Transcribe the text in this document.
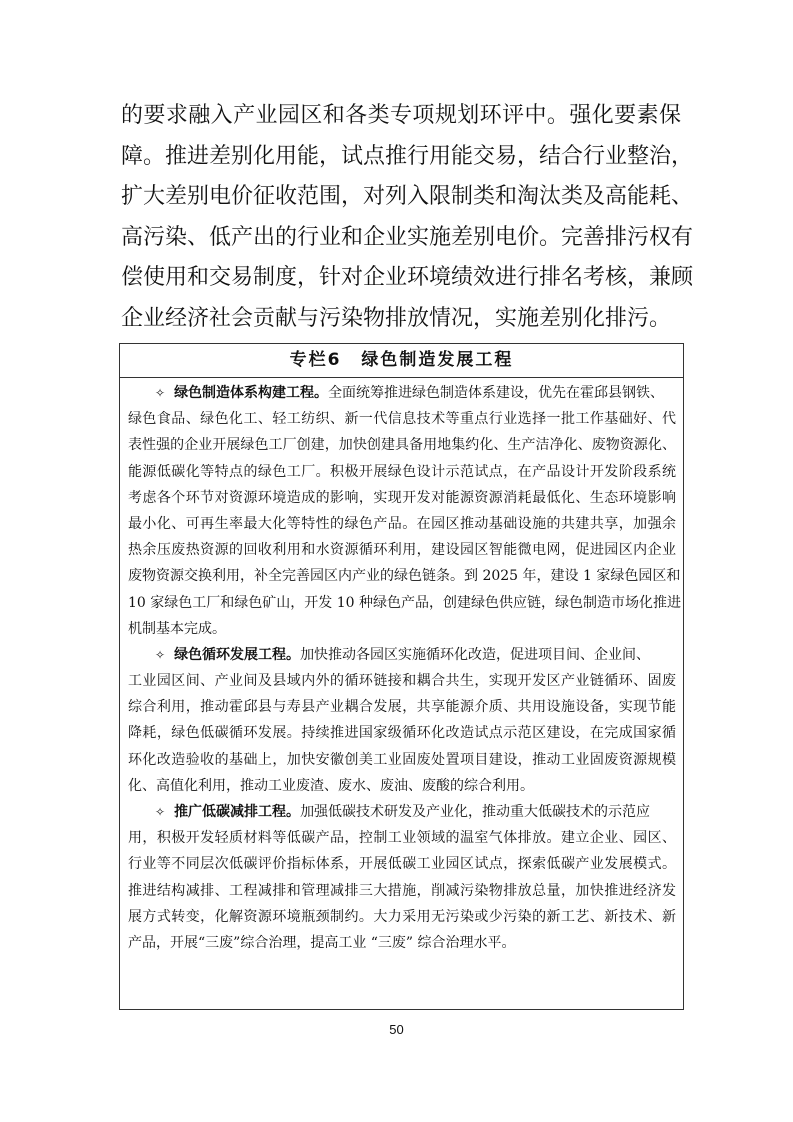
的要求融入产业园区和各类专项规划环评中。强化要素保
障。推进差别化用能，试点推行用能交易，结合行业整治，
扩大差别电价征收范围，对列入限制类和淘汰类及高能耗、
高污染、低产出的行业和企业实施差别电价。完善排污权有
偿使用和交易制度，针对企业环境绩效进行排名考核，兼顾
企业经济社会贡献与污染物排放情况，实施差别化排污。
专栏6 绿色制造发展工程
✧ 绿色制造体系构建工程。全面统筹推进绿色制造体系建设，优先在霍邱县钢铁、
绿色食品、绿色化工、轻工纺织、新一代信息技术等重点行业选择一批工作基础好、代
表性强的企业开展绿色工厂创建，加快创建具备用地集约化、生产洁净化、废物资源化、
能源低碳化等特点的绿色工厂。积极开展绿色设计示范试点，在产品设计开发阶段系统
考虑各个环节对资源环境造成的影响，实现开发对能源资源消耗最低化、生态环境影响
最小化、可再生率最大化等特性的绿色产品。在园区推动基础设施的共建共享，加强余
热余压废热资源的回收利用和水资源循环利用，建设园区智能微电网，促进园区内企业
废物资源交换利用，补全完善园区内产业的绿色链条。到 2025 年，建设 1 家绿色园区和
10 家绿色工厂和绿色矿山，开发 10 种绿色产品，创建绿色供应链，绿色制造市场化推进
机制基本完成。
✧ 绿色循环发展工程。加快推动各园区实施循环化改造，促进项目间、企业间、
工业园区间、产业间及县域内外的循环链接和耦合共生，实现开发区产业链循环、固废
综合利用，推动霍邱县与寿县产业耦合发展，共享能源介质、共用设施设备，实现节能
降耗，绿色低碳循环发展。持续推进国家级循环化改造试点示范区建设，在完成国家循
环化改造验收的基础上，加快安徽创美工业固废处置项目建设，推动工业固废资源规模
化、高值化利用，推动工业废渣、废水、废油、废酸的综合利用。
✧ 推广低碳减排工程。加强低碳技术研发及产业化，推动重大低碳技术的示范应
用，积极开发轻质材料等低碳产品，控制工业领域的温室气体排放。建立企业、园区、
行业等不同层次低碳评价指标体系，开展低碳工业园区试点，探索低碳产业发展模式。
推进结构减排、工程减排和管理减排三大措施，削减污染物排放总量，加快推进经济发
展方式转变，化解资源环境瓶颈制约。大力采用无污染或少污染的新工艺、新技术、新
产品，开展“三废”综合治理，提高工业 “三废” 综合治理水平。
50
